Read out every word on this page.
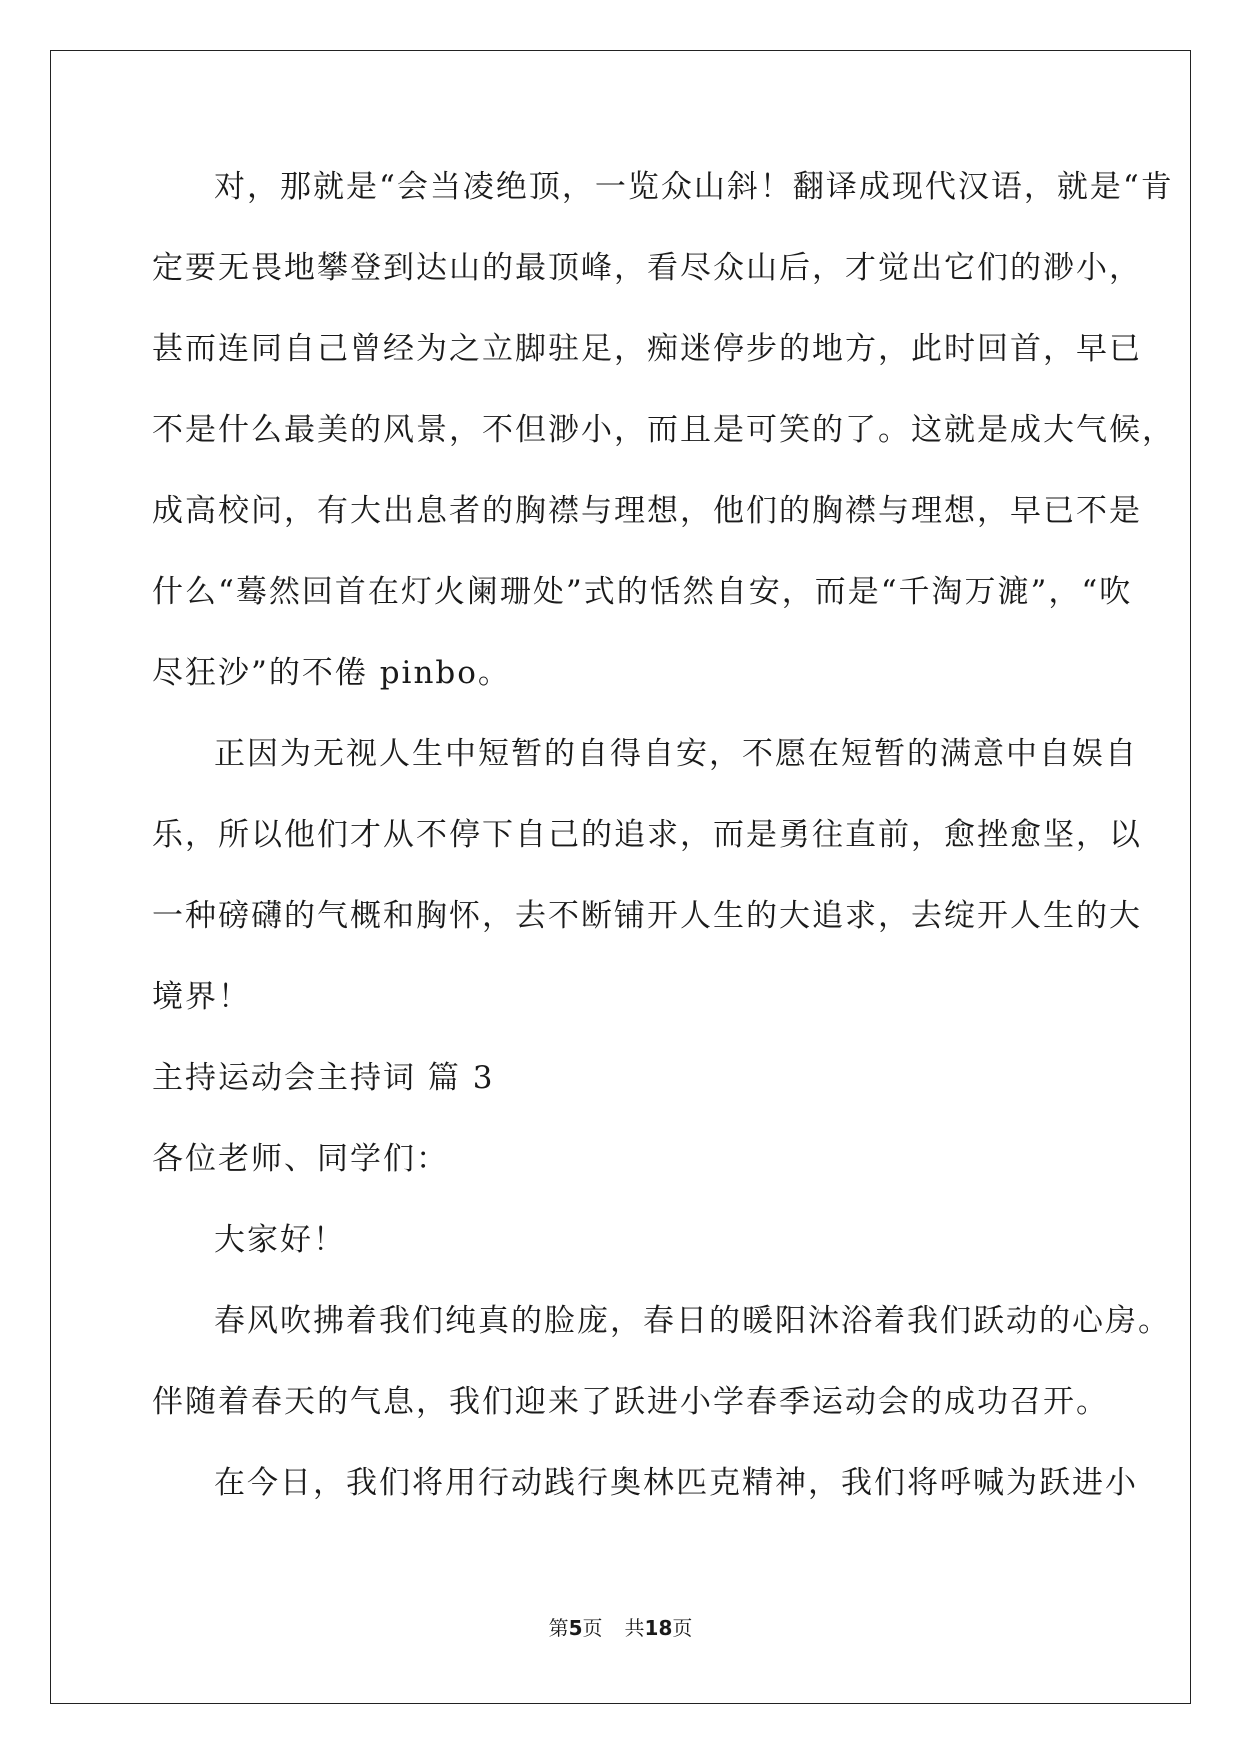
对，那就是“会当凌绝顶，一览众山斜！翻译成现代汉语，就是“肯
定要无畏地攀登到达山的最顶峰，看尽众山后，才觉出它们的渺小，
甚而连同自己曾经为之立脚驻足，痴迷停步的地方，此时回首，早已
不是什么最美的风景，不但渺小，而且是可笑的了。这就是成大气候，
成高校问，有大出息者的胸襟与理想，他们的胸襟与理想，早已不是
什么“蓦然回首在灯火阑珊处”式的恬然自安，而是“千淘万漉”，“吹
尽狂沙”的不倦 pinbo。
正因为无视人生中短暂的自得自安，不愿在短暂的满意中自娱自
乐，所以他们才从不停下自己的追求，而是勇往直前，愈挫愈坚，以
一种磅礴的气概和胸怀，去不断铺开人生的大追求，去绽开人生的大
境界！
主持运动会主持词 篇 3
各位老师、同学们：
大家好！
春风吹拂着我们纯真的脸庞，春日的暖阳沐浴着我们跃动的心房。
伴随着春天的气息，我们迎来了跃进小学春季运动会的成功召开。
在今日，我们将用行动践行奥林匹克精神，我们将呼喊为跃进小
第5页 共18页
